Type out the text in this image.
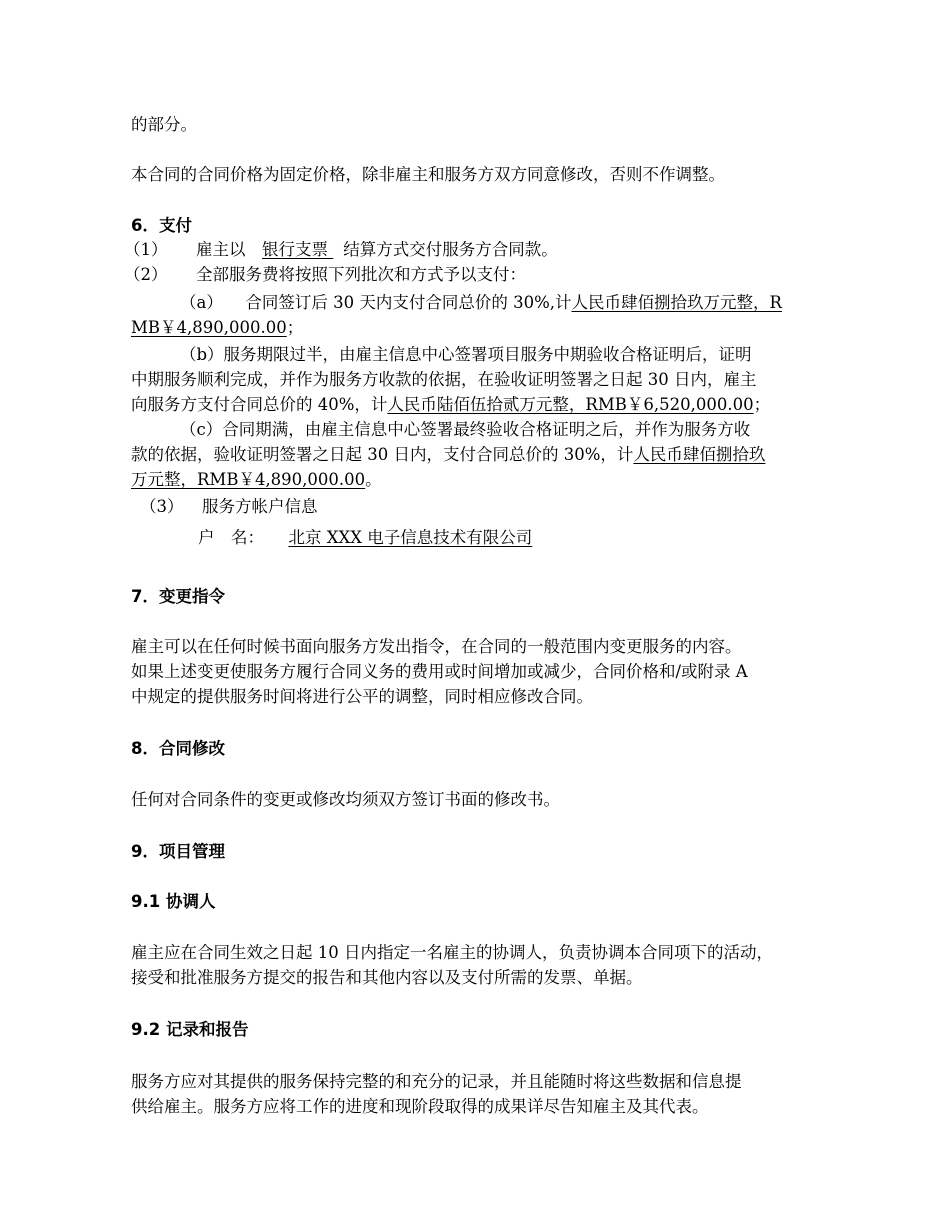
的部分。
本合同的合同价格为固定价格，除非雇主和服务方双方同意修改，否则不作调整。
6．支付
（1） 雇主以  银行支票 结算方式交付服务方合同款。
（2） 全部服务费将按照下列批次和方式予以支付：
（a） 合同签订后 30 天内支付合同总价的 30%,计人民币肆佰捌拾玖万元整，R
MB￥4,890,000.00；
（b）服务期限过半，由雇主信息中心签署项目服务中期验收合格证明后，证明
中期服务顺利完成，并作为服务方收款的依据，在验收证明签署之日起 30 日内，雇主
向服务方支付合同总价的 40%，计人民币陆佰伍拾贰万元整，RMB￥6,520,000.00；
（c）合同期满，由雇主信息中心签署最终验收合格证明之后，并作为服务方收
款的依据，验收证明签署之日起 30 日内，支付合同总价的 30%，计人民币肆佰捌拾玖
万元整，RMB￥4,890,000.00。
（3） 服务方帐户信息
户　名： 北京 XXX 电子信息技术有限公司
7．变更指令
雇主可以在任何时候书面向服务方发出指令，在合同的一般范围内变更服务的内容。
如果上述变更使服务方履行合同义务的费用或时间增加或减少，合同价格和/或附录 A
中规定的提供服务时间将进行公平的调整，同时相应修改合同。
8．合同修改
任何对合同条件的变更或修改均须双方签订书面的修改书。
9．项目管理
9.1 协调人
雇主应在合同生效之日起 10 日内指定一名雇主的协调人，负责协调本合同项下的活动，
接受和批准服务方提交的报告和其他内容以及支付所需的发票、单据。
9.2 记录和报告
服务方应对其提供的服务保持完整的和充分的记录，并且能随时将这些数据和信息提
供给雇主。服务方应将工作的进度和现阶段取得的成果详尽告知雇主及其代表。
